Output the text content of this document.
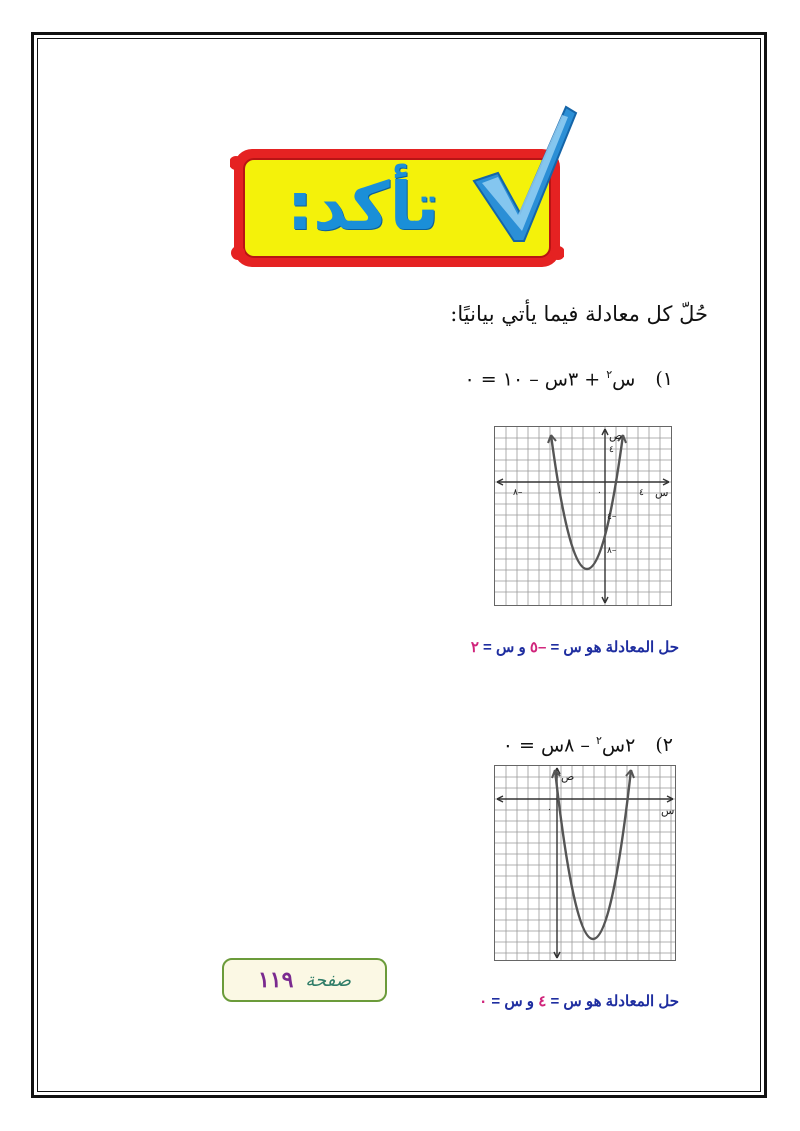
تأكد:
حُلّ كل معادلة فيما يأتي بيانيًا:
١) س$^٢$ + ٣س – ١٠ = ٠
ص
س
٤
٨–	٠
٤–
٨–
٤
حل المعادلة هو س = –٥ و س = ٢
٢) ٢س$^٢$ – ٨س = ٠
ص
س
٠
صفحة
١١٩
حل المعادلة هو س = ٤ و س = ٠
